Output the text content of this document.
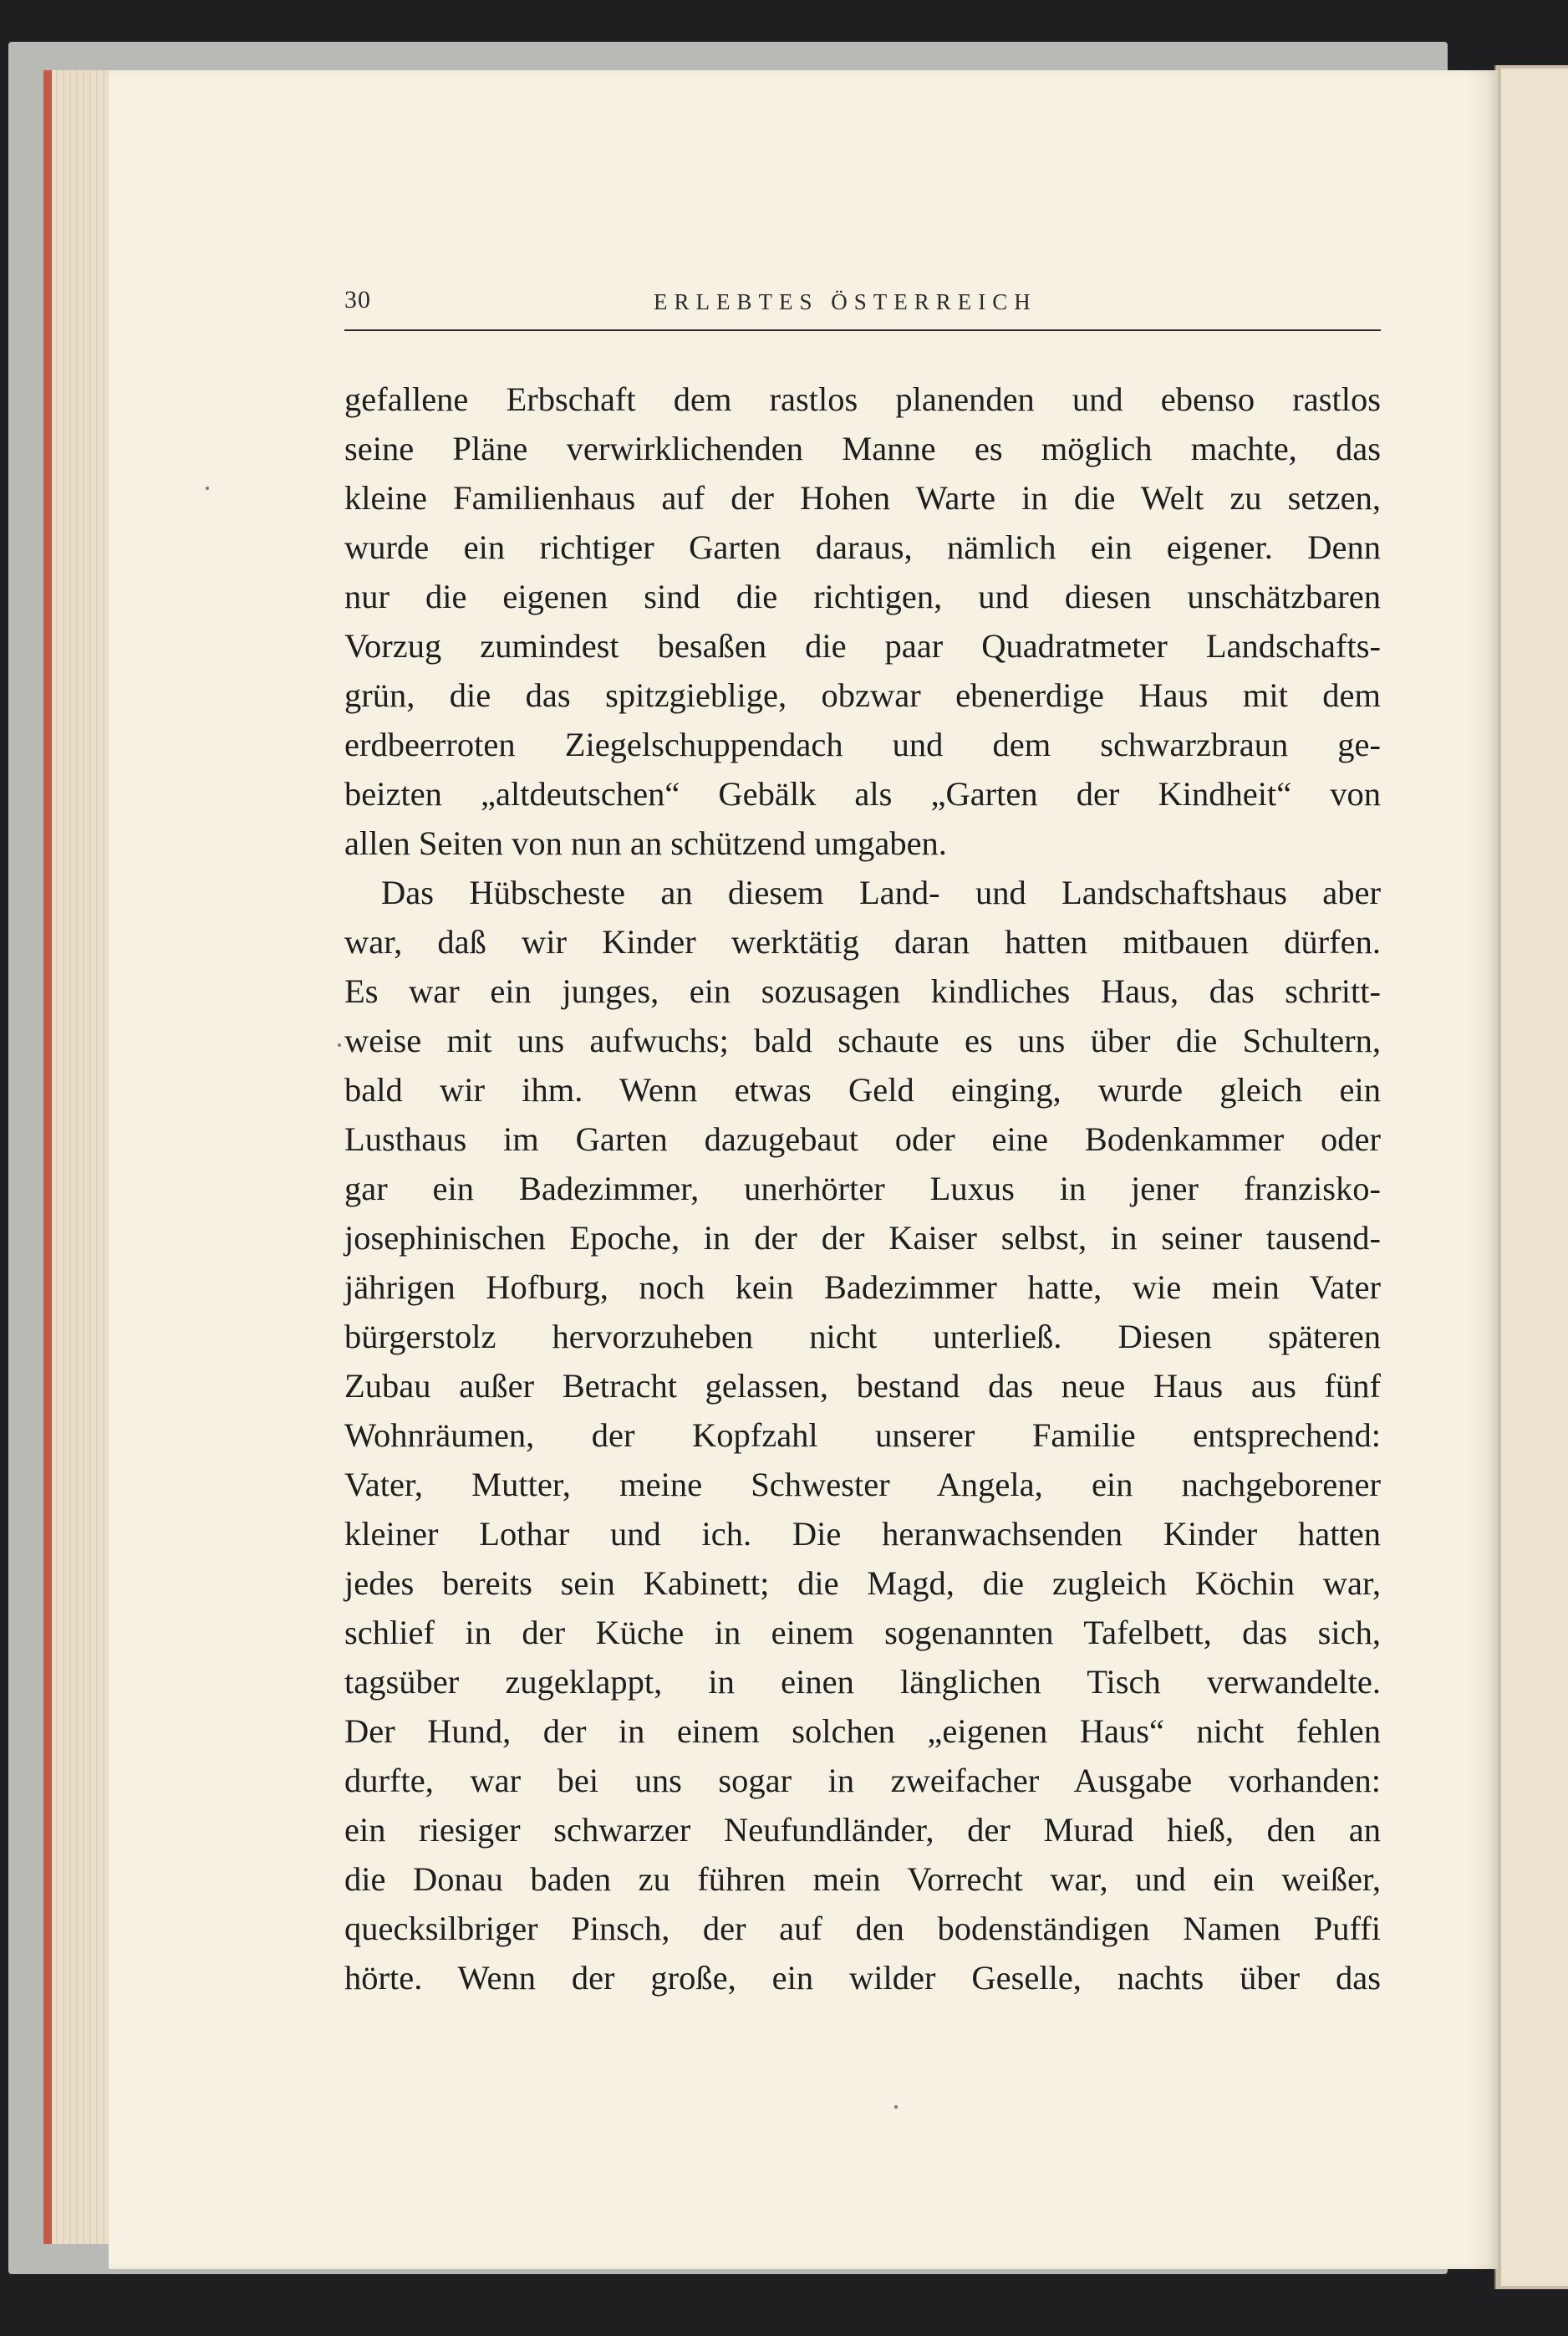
30	ERLEBTES ÖSTERREICH
gefallene Erbschaft dem rastlos planenden und ebenso rastlos
seine Pläne verwirklichenden Manne es möglich machte, das
kleine Familienhaus auf der Hohen Warte in die Welt zu setzen,
wurde ein richtiger Garten daraus, nämlich ein eigener. Denn
nur die eigenen sind die richtigen, und diesen unschätzbaren
Vorzug zumindest besaßen die paar Quadratmeter Landschafts-
grün, die das spitzgieblige, obzwar ebenerdige Haus mit dem
erdbeerroten Ziegelschuppendach und dem schwarzbraun ge-
beizten „altdeutschen“ Gebälk als „Garten der Kindheit“ von
allen Seiten von nun an schützend umgaben.
Das Hübscheste an diesem Land- und Landschaftshaus aber
war, daß wir Kinder werktätig daran hatten mitbauen dürfen.
Es war ein junges, ein sozusagen kindliches Haus, das schritt-
weise mit uns aufwuchs; bald schaute es uns über die Schultern,
bald wir ihm. Wenn etwas Geld einging, wurde gleich ein
Lusthaus im Garten dazugebaut oder eine Bodenkammer oder
gar ein Badezimmer, unerhörter Luxus in jener franzisko-
josephinischen Epoche, in der der Kaiser selbst, in seiner tausend-
jährigen Hofburg, noch kein Badezimmer hatte, wie mein Vater
bürgerstolz hervorzuheben nicht unterließ. Diesen späteren
Zubau außer Betracht gelassen, bestand das neue Haus aus fünf
Wohnräumen, der Kopfzahl unserer Familie entsprechend:
Vater, Mutter, meine Schwester Angela, ein nachgeborener
kleiner Lothar und ich. Die heranwachsenden Kinder hatten
jedes bereits sein Kabinett; die Magd, die zugleich Köchin war,
schlief in der Küche in einem sogenannten Tafelbett, das sich,
tagsüber zugeklappt, in einen länglichen Tisch verwandelte.
Der Hund, der in einem solchen „eigenen Haus“ nicht fehlen
durfte, war bei uns sogar in zweifacher Ausgabe vorhanden:
ein riesiger schwarzer Neufundländer, der Murad hieß, den an
die Donau baden zu führen mein Vorrecht war, und ein weißer,
quecksilbriger Pinsch, der auf den bodenständigen Namen Puffi
hörte. Wenn der große, ein wilder Geselle, nachts über das
